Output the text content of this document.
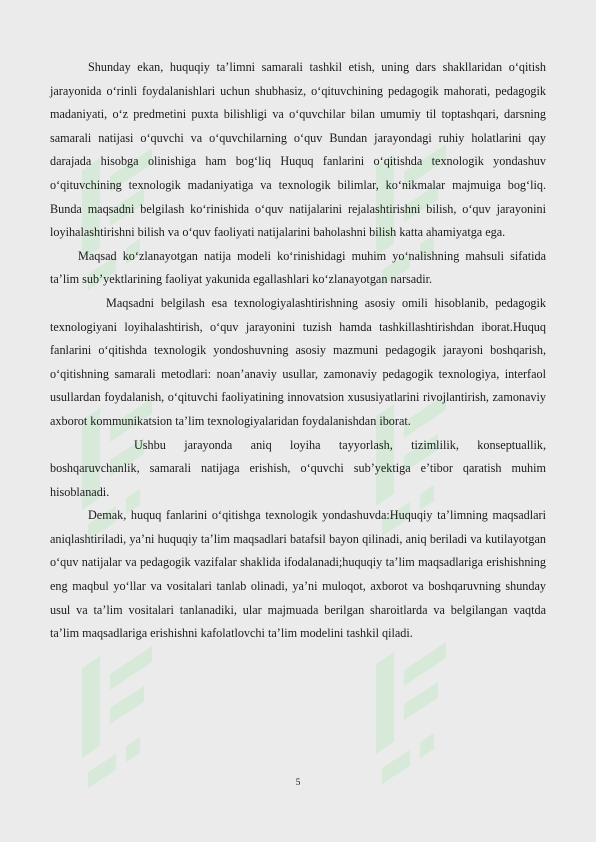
Shunday ekan, huquqiy ta’limni samarali tashkil etish, uning dars shakllaridan o‘qitish jarayonida o‘rinli foydalanishlari uchun shubhasiz, o‘qituvchining pedagogik mahorati, pedagogik madaniyati, o‘z predmetini puxta bilishligi va o‘quvchilar bilan umumiy til toptashqari, darsning samarali natijasi o‘quvchi va o‘quvchilarning o‘quv Bundan jarayondagi ruhiy holatlarini qay darajada hisobga olinishiga ham bog‘liq Huquq fanlarini o‘qitishda texnologik yondashuv o‘qituvchining texnologik madaniyatiga va texnologik bilimlar, ko‘nikmalar majmuiga bog‘liq. Bunda maqsadni belgilash ko‘rinishida o‘quv natijalarini rejalashtirishni bilish, o‘quv jarayonini loyihalashtirishni bilish va o‘quv faoliyati natijalarini baholashni bilish katta ahamiyatga ega.

Maqsad ko‘zlanayotgan natija modeli ko‘rinishidagi muhim yo‘nalishning mahsuli sifatida ta’lim sub’yektlarining faoliyat yakunida egallashlari ko‘zlanayotgan narsadir.

Maqsadni belgilash esa texnologiyalashtirishning asosiy omili hisoblanib, pedagogik texnologiyani loyihalashtirish, o‘quv jarayonini tuzish hamda tashkillashtirishdan iborat.Huquq fanlarini o‘qitishda texnologik yondoshuvning asosiy mazmuni pedagogik jarayoni boshqarish, o‘qitishning samarali metodlari: noan’anaviy usullar, zamonaviy pedagogik texnologiya, interfaol usullardan foydalanish, o‘qituvchi faoliyatining innovatsion xususiyatlarini rivojlantirish, zamonaviy axborot kommunikatsion ta’lim texnologiyalaridan foydalanishdan iborat.

Ushbu jarayonda aniq loyiha tayyorlash, tizimlilik, konseptuallik, boshqaruvchanlik, samarali natijaga erishish, o‘quvchi sub’yektiga e’tibor qaratish muhim hisoblanadi.

Demak, huquq fanlarini o‘qitishga texnologik yondashuvda:Huquqiy ta’limning maqsadlari aniqlashtiriladi, ya’ni huquqiy ta’lim maqsadlari batafsil bayon qilinadi, aniq beriladi va kutilayotgan o‘quv natijalar va pedagogik vazifalar shaklida ifodalanadi;huquqiy ta’lim maqsadlariga erishishning eng maqbul yo‘llar va vositalari tanlab olinadi, ya’ni muloqot, axborot va boshqaruvning shunday usul va ta’lim vositalari tanlanadiki, ular majmuada berilgan sharoitlarda va belgilangan vaqtda ta’lim maqsadlariga erishishni kafolatlovchi ta’lim modelini tashkil qiladi.

5
